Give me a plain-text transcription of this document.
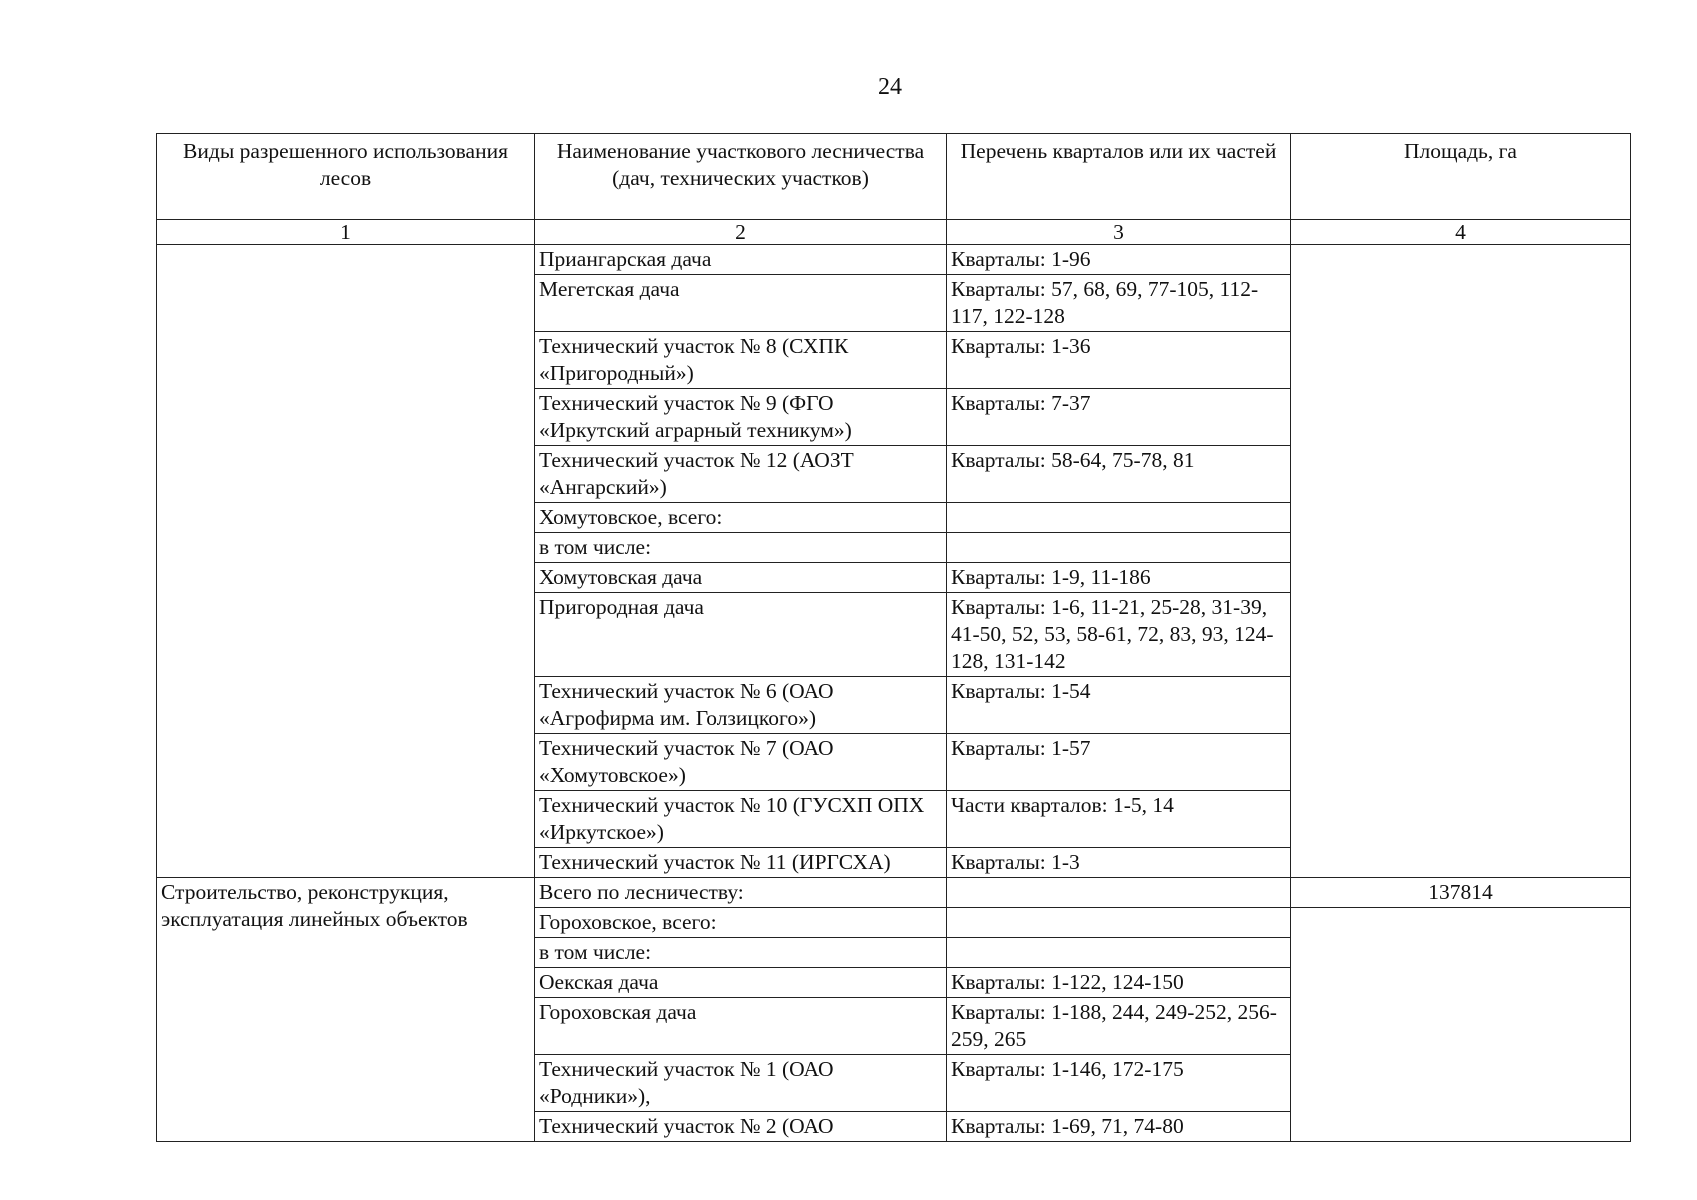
24
Виды разрешенного использования лесов	Наименование участкового лесничества (дач, технических участков)	Перечень кварталов или их частей	Площадь, га
1	2	3	4
	Приангарская дача	Кварталы: 1-96	
	Мегетская дача	Кварталы: 57, 68, 69, 77-105, 112-117, 122-128	
	Технический участок № 8 (СХПК «Пригородный»)	Кварталы: 1-36	
	Технический участок № 9 (ФГО «Иркутский аграрный техникум»)	Кварталы: 7-37	
	Технический участок № 12 (АОЗТ «Ангарский»)	Кварталы: 58-64, 75-78, 81	
	Хомутовское, всего:		
	в том числе:		
	Хомутовская дача	Кварталы: 1-9, 11-186	
	Пригородная дача	Кварталы: 1-6, 11-21, 25-28, 31-39, 41-50, 52, 53, 58-61, 72, 83, 93, 124-128, 131-142	
	Технический участок № 6 (ОАО «Агрофирма им. Голзицкого»)	Кварталы: 1-54	
	Технический участок № 7 (ОАО «Хомутовское»)	Кварталы: 1-57	
	Технический участок № 10 (ГУСХП ОПХ «Иркутское»)	Части кварталов: 1-5, 14	
	Технический участок № 11 (ИРГСХА)	Кварталы: 1-3	
Строительство, реконструкция, эксплуатация линейных объектов	Всего по лесничеству:		137814
	Гороховское, всего:		
	в том числе:		
	Оекская дача	Кварталы: 1-122, 124-150	
	Гороховская дача	Кварталы: 1-188, 244, 249-252, 256-259, 265	
	Технический участок № 1 (ОАО «Родники»),	Кварталы: 1-146, 172-175	
	Технический участок № 2 (ОАО	Кварталы: 1-69, 71, 74-80	
